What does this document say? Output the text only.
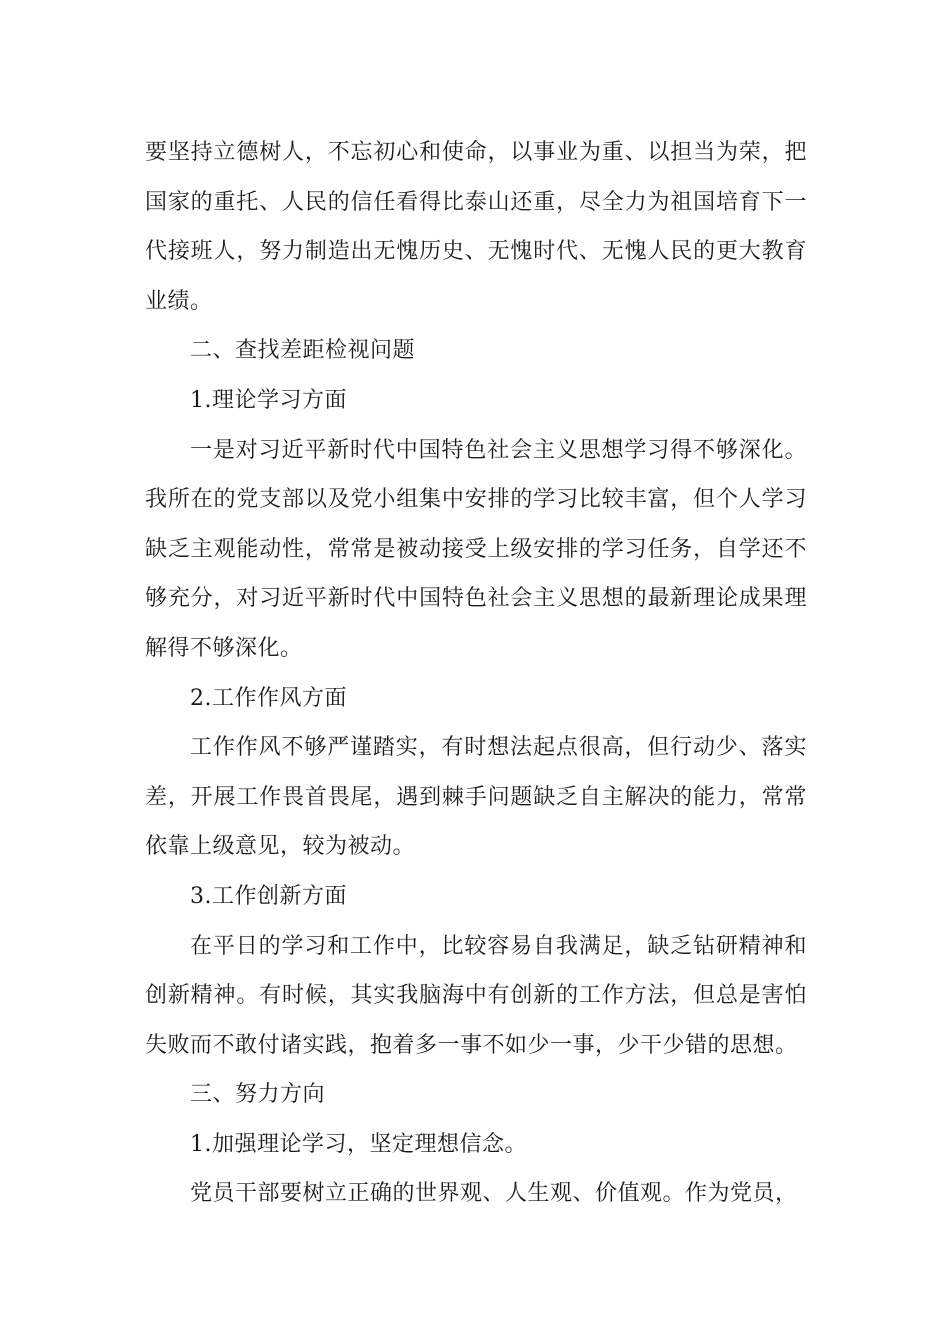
要坚持立德树人，不忘初心和使命，以事业为重、以担当为荣，把国家的重托、人民的信任看得比泰山还重，尽全力为祖国培育下一代接班人，努力制造出无愧历史、无愧时代、无愧人民的更大教育业绩。

二、查找差距检视问题

1.理论学习方面

一是对习近平新时代中国特色社会主义思想学习得不够深化。我所在的党支部以及党小组集中安排的学习比较丰富，但个人学习缺乏主观能动性，常常是被动接受上级安排的学习任务，自学还不够充分，对习近平新时代中国特色社会主义思想的最新理论成果理解得不够深化。

2.工作作风方面

工作作风不够严谨踏实，有时想法起点很高，但行动少、落实差，开展工作畏首畏尾，遇到棘手问题缺乏自主解决的能力，常常依靠上级意见，较为被动。

3.工作创新方面

在平日的学习和工作中，比较容易自我满足，缺乏钻研精神和创新精神。有时候，其实我脑海中有创新的工作方法，但总是害怕失败而不敢付诸实践，抱着多一事不如少一事，少干少错的思想。

三、努力方向

1.加强理论学习，坚定理想信念。

党员干部要树立正确的世界观、人生观、价值观。作为党员，
